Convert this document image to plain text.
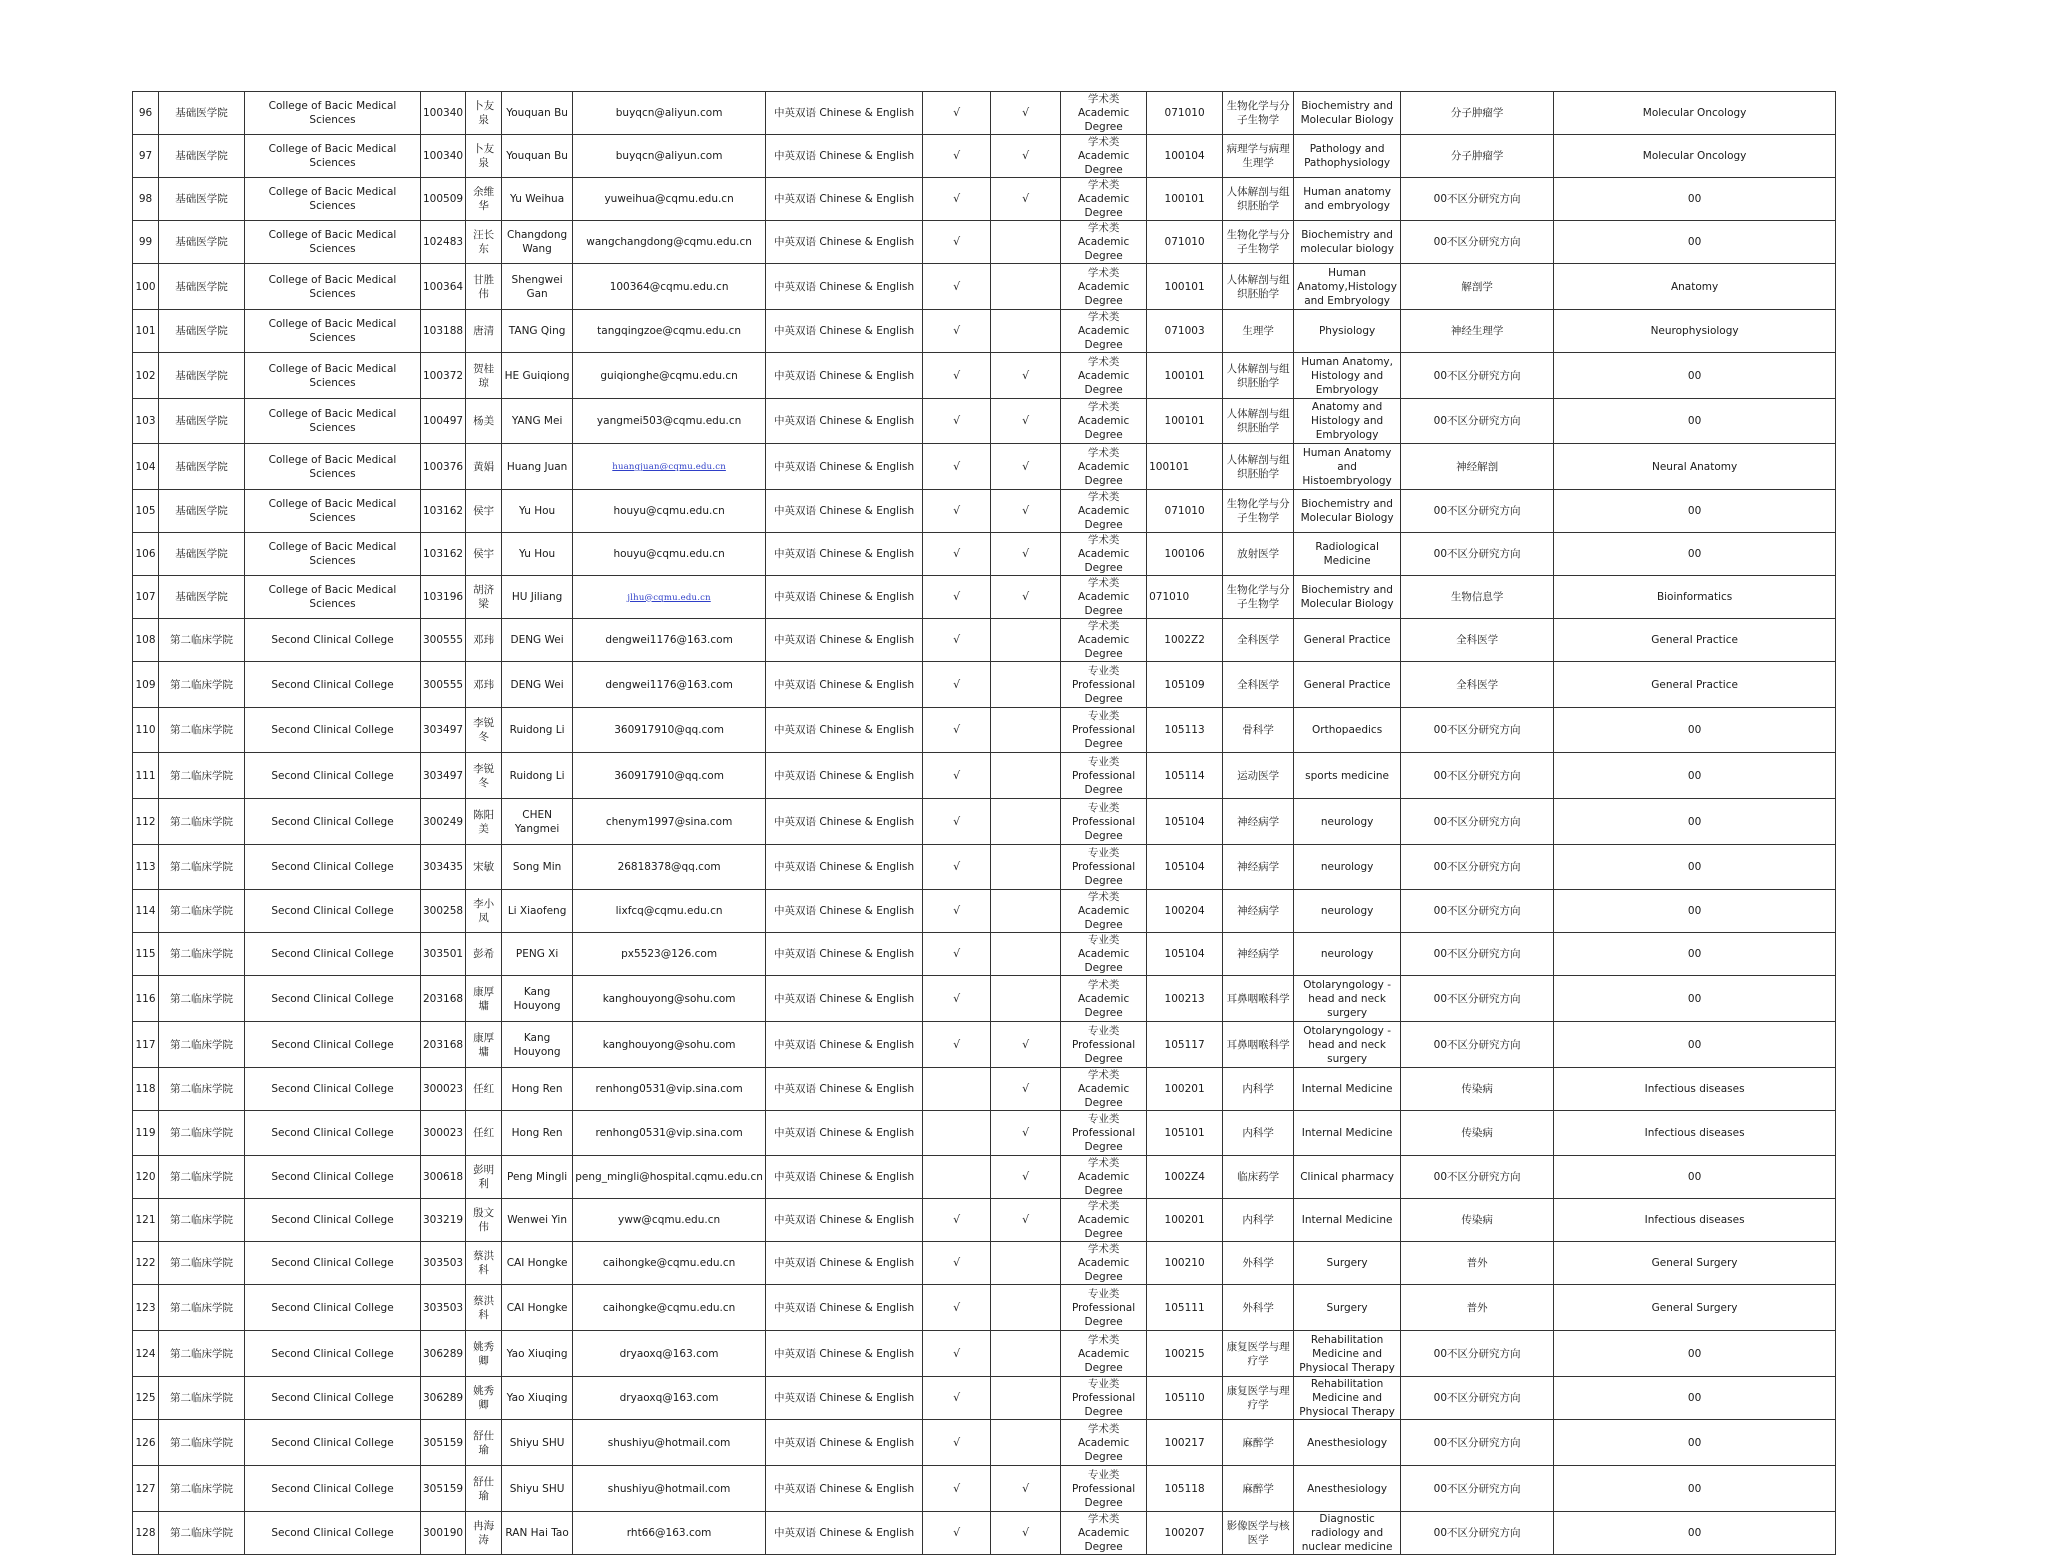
96	基础医学院	College of Bacic Medical Sciences	100340	卜友泉	Youquan Bu	buyqcn@aliyun.com	中英双语 Chinese & English	√	√	学术类 Academic Degree	071010	生物化学与分子生物学	Biochemistry and Molecular Biology	分子肿瘤学	Molecular Oncology
97	基础医学院	College of Bacic Medical Sciences	100340	卜友泉	Youquan Bu	buyqcn@aliyun.com	中英双语 Chinese & English	√	√	学术类 Academic Degree	100104	病理学与病理生理学	Pathology and Pathophysiology	分子肿瘤学	Molecular Oncology
98	基础医学院	College of Bacic Medical Sciences	100509	余维华	Yu Weihua	yuweihua@cqmu.edu.cn	中英双语 Chinese & English	√	√	学术类 Academic Degree	100101	人体解剖与组织胚胎学	Human anatomy and embryology	00不区分研究方向	00
99	基础医学院	College of Bacic Medical Sciences	102483	汪长东	Changdong Wang	wangchangdong@cqmu.edu.cn	中英双语 Chinese & English	√		学术类 Academic Degree	071010	生物化学与分子生物学	Biochemistry and molecular biology	00不区分研究方向	00
100	基础医学院	College of Bacic Medical Sciences	100364	甘胜伟	Shengwei Gan	100364@cqmu.edu.cn	中英双语 Chinese & English	√		学术类 Academic Degree	100101	人体解剖与组织胚胎学	Human Anatomy,Histology and Embryology	解剖学	Anatomy
101	基础医学院	College of Bacic Medical Sciences	103188	唐清	TANG Qing	tangqingzoe@cqmu.edu.cn	中英双语 Chinese & English	√		学术类 Academic Degree	071003	生理学	Physiology	神经生理学	Neurophysiology
102	基础医学院	College of Bacic Medical Sciences	100372	贺桂琼	HE Guiqiong	guiqionghe@cqmu.edu.cn	中英双语 Chinese & English	√	√	学术类 Academic Degree	100101	人体解剖与组织胚胎学	Human Anatomy, Histology and Embryology	00不区分研究方向	00
103	基础医学院	College of Bacic Medical Sciences	100497	杨美	YANG Mei	yangmei503@cqmu.edu.cn	中英双语 Chinese & English	√	√	学术类 Academic Degree	100101	人体解剖与组织胚胎学	Anatomy and Histology and Embryology	00不区分研究方向	00
104	基础医学院	College of Bacic Medical Sciences	100376	黄娟	Huang Juan	huangjuan@cqmu.edu.cn	中英双语 Chinese & English	√	√	学术类 Academic Degree	100101	人体解剖与组织胚胎学	Human Anatomy and Histoembryology	神经解剖	Neural Anatomy
105	基础医学院	College of Bacic Medical Sciences	103162	侯宇	Yu Hou	houyu@cqmu.edu.cn	中英双语 Chinese & English	√	√	学术类 Academic Degree	071010	生物化学与分子生物学	Biochemistry and Molecular Biology	00不区分研究方向	00
106	基础医学院	College of Bacic Medical Sciences	103162	侯宇	Yu Hou	houyu@cqmu.edu.cn	中英双语 Chinese & English	√	√	学术类 Academic Degree	100106	放射医学	Radiological Medicine	00不区分研究方向	00
107	基础医学院	College of Bacic Medical Sciences	103196	胡济梁	HU Jiliang	jlhu@cqmu.edu.cn	中英双语 Chinese & English	√	√	学术类 Academic Degree	071010	生物化学与分子生物学	Biochemistry and Molecular Biology	生物信息学	Bioinformatics
108	第二临床学院	Second Clinical College	300555	邓玮	DENG Wei	dengwei1176@163.com	中英双语 Chinese & English	√		学术类 Academic Degree	1002Z2	全科医学	General Practice	全科医学	General Practice
109	第二临床学院	Second Clinical College	300555	邓玮	DENG Wei	dengwei1176@163.com	中英双语 Chinese & English	√		专业类 Professional Degree	105109	全科医学	General Practice	全科医学	General Practice
110	第二临床学院	Second Clinical College	303497	李锐冬	Ruidong Li	360917910@qq.com	中英双语 Chinese & English	√		专业类 Professional Degree	105113	骨科学	Orthopaedics	00不区分研究方向	00
111	第二临床学院	Second Clinical College	303497	李锐冬	Ruidong Li	360917910@qq.com	中英双语 Chinese & English	√		专业类 Professional Degree	105114	运动医学	sports medicine	00不区分研究方向	00
112	第二临床学院	Second Clinical College	300249	陈阳美	CHEN Yangmei	chenym1997@sina.com	中英双语 Chinese & English	√		专业类 Professional Degree	105104	神经病学	neurology	00不区分研究方向	00
113	第二临床学院	Second Clinical College	303435	宋敏	Song Min	26818378@qq.com	中英双语 Chinese & English	√		专业类 Professional Degree	105104	神经病学	neurology	00不区分研究方向	00
114	第二临床学院	Second Clinical College	300258	李小凤	Li Xiaofeng	lixfcq@cqmu.edu.cn	中英双语 Chinese & English	√		学术类 Academic Degree	100204	神经病学	neurology	00不区分研究方向	00
115	第二临床学院	Second Clinical College	303501	彭希	PENG Xi	px5523@126.com	中英双语 Chinese & English	√		专业类 Academic Degree	105104	神经病学	neurology	00不区分研究方向	00
116	第二临床学院	Second Clinical College	203168	康厚墉	Kang Houyong	kanghouyong@sohu.com	中英双语 Chinese & English	√		学术类 Academic Degree	100213	耳鼻咽喉科学	Otolaryngology - head and neck surgery	00不区分研究方向	00
117	第二临床学院	Second Clinical College	203168	康厚墉	Kang Houyong	kanghouyong@sohu.com	中英双语 Chinese & English	√	√	专业类 Professional Degree	105117	耳鼻咽喉科学	Otolaryngology - head and neck surgery	00不区分研究方向	00
118	第二临床学院	Second Clinical College	300023	任红	Hong Ren	renhong0531@vip.sina.com	中英双语 Chinese & English		√	学术类 Academic Degree	100201	内科学	Internal Medicine	传染病	Infectious diseases
119	第二临床学院	Second Clinical College	300023	任红	Hong Ren	renhong0531@vip.sina.com	中英双语 Chinese & English		√	专业类 Professional Degree	105101	内科学	Internal Medicine	传染病	Infectious diseases
120	第二临床学院	Second Clinical College	300618	彭明利	Peng Mingli	peng_mingli@hospital.cqmu.edu.cn	中英双语 Chinese & English		√	学术类 Academic Degree	1002Z4	临床药学	Clinical pharmacy	00不区分研究方向	00
121	第二临床学院	Second Clinical College	303219	殷文伟	Wenwei Yin	yww@cqmu.edu.cn	中英双语 Chinese & English	√	√	学术类 Academic Degree	100201	内科学	Internal Medicine	传染病	Infectious diseases
122	第二临床学院	Second Clinical College	303503	蔡洪科	CAI Hongke	caihongke@cqmu.edu.cn	中英双语 Chinese & English	√		学术类 Academic Degree	100210	外科学	Surgery	普外	General Surgery
123	第二临床学院	Second Clinical College	303503	蔡洪科	CAI Hongke	caihongke@cqmu.edu.cn	中英双语 Chinese & English	√		专业类 Professional Degree	105111	外科学	Surgery	普外	General Surgery
124	第二临床学院	Second Clinical College	306289	姚秀卿	Yao Xiuqing	dryaoxq@163.com	中英双语 Chinese & English	√		学术类 Academic Degree	100215	康复医学与理疗学	Rehabilitation Medicine and Physiocal Therapy	00不区分研究方向	00
125	第二临床学院	Second Clinical College	306289	姚秀卿	Yao Xiuqing	dryaoxq@163.com	中英双语 Chinese & English	√		专业类 Professional Degree	105110	康复医学与理疗学	Rehabilitation Medicine and Physiocal Therapy	00不区分研究方向	00
126	第二临床学院	Second Clinical College	305159	舒仕瑜	Shiyu SHU	shushiyu@hotmail.com	中英双语 Chinese & English	√		学术类 Academic Degree	100217	麻醉学	Anesthesiology	00不区分研究方向	00
127	第二临床学院	Second Clinical College	305159	舒仕瑜	Shiyu SHU	shushiyu@hotmail.com	中英双语 Chinese & English	√	√	专业类 Professional Degree	105118	麻醉学	Anesthesiology	00不区分研究方向	00
128	第二临床学院	Second Clinical College	300190	冉海涛	RAN Hai Tao	rht66@163.com	中英双语 Chinese & English	√	√	学术类 Academic Degree	100207	影像医学与核医学	Diagnostic radiology and nuclear medicine	00不区分研究方向	00
